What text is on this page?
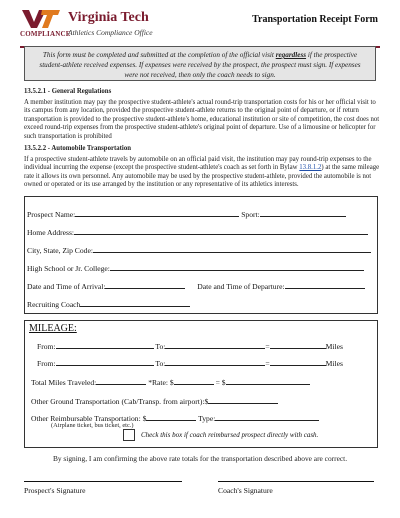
Virginia Tech
COMPLIANCE
Athletics Compliance Office
Transportation Receipt Form
This form must be completed and submitted at the completion of the official visit regardless if the prospective student-athlete received expenses. If expenses were received by the prospect, the prospect must sign. If expenses were not received, then only the coach needs to sign.
13.5.2.1 - General Regulations
A member institution may pay the prospective student-athlete's actual round-trip transportation costs for his or her official visit to its campus from any location, provided the prospective student-athlete returns to the original point of departure, or if return transportation is provided to the prospective student-athlete's home, educational institution or site of competition, the cost does not exceed round-trip expenses from the prospective student-athlete's original point of departure. Use of a limousine or helicopter for such transportation is prohibited
13.5.2.2 - Automobile Transportation
If a prospective student-athlete travels by automobile on an official paid visit, the institution may pay round-trip expenses to the individual incurring the expense (except the prospective student-athlete's coach as set forth in Bylaw 13.8.1.2) at the same mileage rate it allows its own personnel. Any automobile may be used by the prospective student-athlete, provided the automobile is not owned or operated or its use arranged by the institution or any representative of its athletics interests.
Prospect Name:	Sport:
Home Address:
City, State, Zip Code:
High School or Jr. College:
Date and Time of Arrival:	Date and Time of Departure:
Recruiting Coach
MILEAGE:
From:	To:	=	Miles
From:	To:	=	Miles
Total Miles Traveled:	*Rate: $	= $
Other Ground Transportation (Cab/Transp. from airport):$
Other Reimbursable Transportation: $	Type:
(Airplane ticket, bus ticket, etc.)
Check this box if coach reimbursed prospect directly with cash.
By signing, I am confirming the above rate totals for the transportation described above are correct.
Prospect's Signature	Coach's Signature
